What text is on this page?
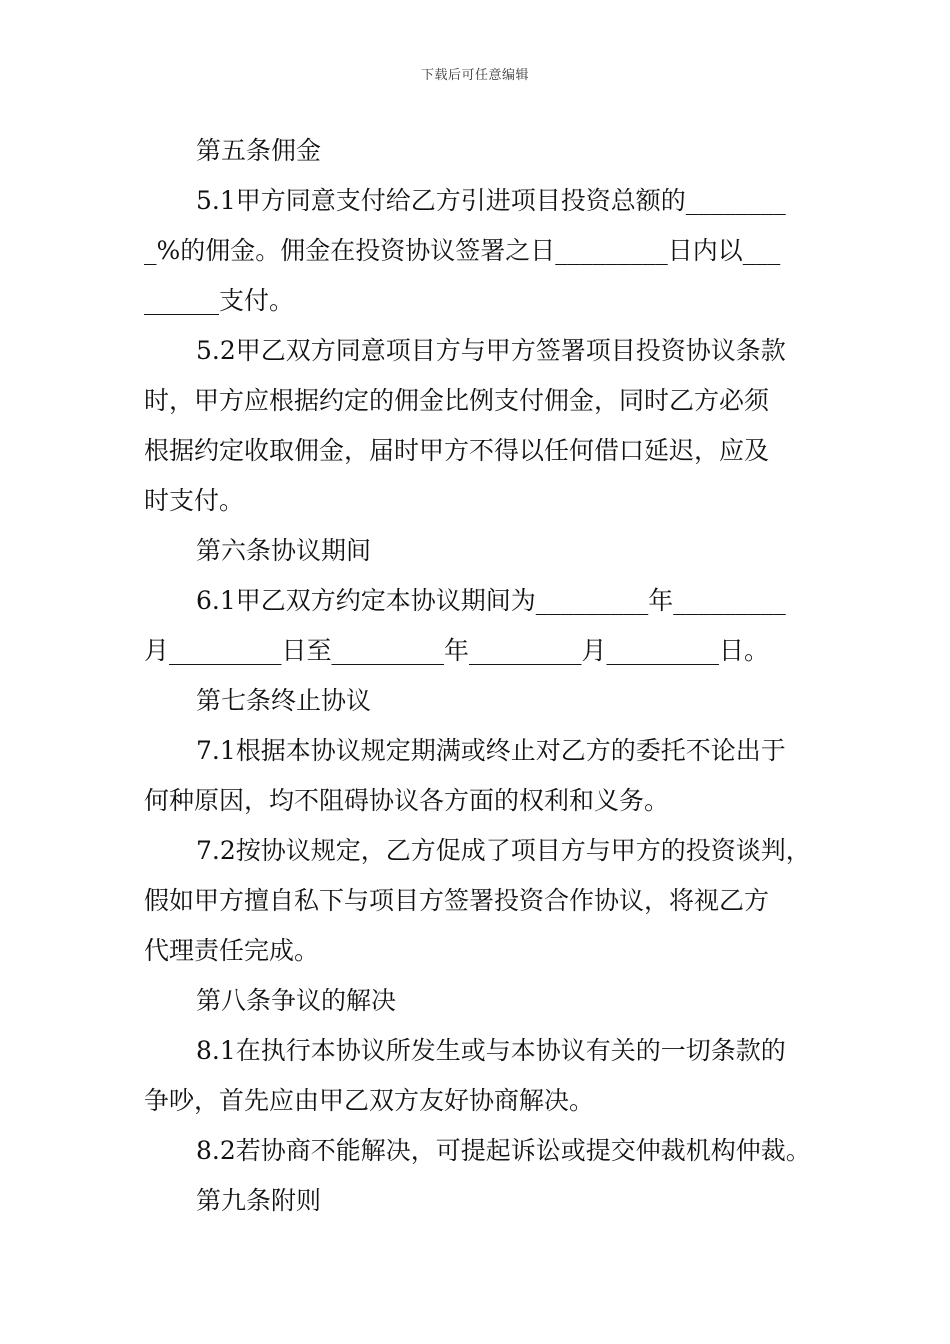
下载后可任意编辑
第五条佣金
5.1甲方同意支付给乙方引进项目投资总额的________
_%的佣金。佣金在投资协议签署之日_________日内以___
______支付。
5.2甲乙双方同意项目方与甲方签署项目投资协议条款
时，甲方应根据约定的佣金比例支付佣金，同时乙方必须
根据约定收取佣金，届时甲方不得以任何借口延迟，应及
时支付。
第六条协议期间
6.1甲乙双方约定本协议期间为_________年_________
月_________日至_________年_________月_________日。
第七条终止协议
7.1根据本协议规定期满或终止对乙方的委托不论出于
何种原因，均不阻碍协议各方面的权利和义务。
7.2按协议规定，乙方促成了项目方与甲方的投资谈判，
假如甲方擅自私下与项目方签署投资合作协议，将视乙方
代理责任完成。
第八条争议的解决
8.1在执行本协议所发生或与本协议有关的一切条款的
争吵，首先应由甲乙双方友好协商解决。
8.2若协商不能解决，可提起诉讼或提交仲裁机构仲裁。
第九条附则
